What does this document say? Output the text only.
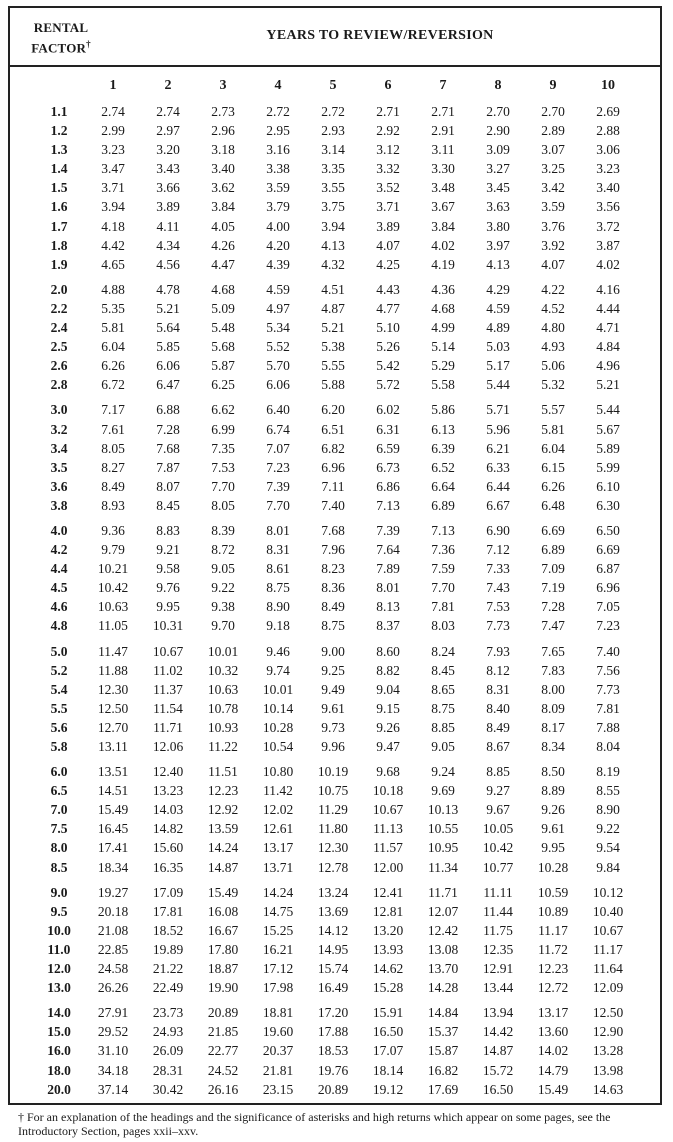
RENTAL
FACTOR†
YEARS TO REVIEW/REVERSION
1	2	3	4	5	6	7	8	9	10
1.1	2.74	2.74	2.73	2.72	2.72	2.71	2.71	2.70	2.70	2.69
1.2	2.99	2.97	2.96	2.95	2.93	2.92	2.91	2.90	2.89	2.88
1.3	3.23	3.20	3.18	3.16	3.14	3.12	3.11	3.09	3.07	3.06
1.4	3.47	3.43	3.40	3.38	3.35	3.32	3.30	3.27	3.25	3.23
1.5	3.71	3.66	3.62	3.59	3.55	3.52	3.48	3.45	3.42	3.40
1.6	3.94	3.89	3.84	3.79	3.75	3.71	3.67	3.63	3.59	3.56
1.7	4.18	4.11	4.05	4.00	3.94	3.89	3.84	3.80	3.76	3.72
1.8	4.42	4.34	4.26	4.20	4.13	4.07	4.02	3.97	3.92	3.87
1.9	4.65	4.56	4.47	4.39	4.32	4.25	4.19	4.13	4.07	4.02
2.0	4.88	4.78	4.68	4.59	4.51	4.43	4.36	4.29	4.22	4.16
2.2	5.35	5.21	5.09	4.97	4.87	4.77	4.68	4.59	4.52	4.44
2.4	5.81	5.64	5.48	5.34	5.21	5.10	4.99	4.89	4.80	4.71
2.5	6.04	5.85	5.68	5.52	5.38	5.26	5.14	5.03	4.93	4.84
2.6	6.26	6.06	5.87	5.70	5.55	5.42	5.29	5.17	5.06	4.96
2.8	6.72	6.47	6.25	6.06	5.88	5.72	5.58	5.44	5.32	5.21
3.0	7.17	6.88	6.62	6.40	6.20	6.02	5.86	5.71	5.57	5.44
3.2	7.61	7.28	6.99	6.74	6.51	6.31	6.13	5.96	5.81	5.67
3.4	8.05	7.68	7.35	7.07	6.82	6.59	6.39	6.21	6.04	5.89
3.5	8.27	7.87	7.53	7.23	6.96	6.73	6.52	6.33	6.15	5.99
3.6	8.49	8.07	7.70	7.39	7.11	6.86	6.64	6.44	6.26	6.10
3.8	8.93	8.45	8.05	7.70	7.40	7.13	6.89	6.67	6.48	6.30
4.0	9.36	8.83	8.39	8.01	7.68	7.39	7.13	6.90	6.69	6.50
4.2	9.79	9.21	8.72	8.31	7.96	7.64	7.36	7.12	6.89	6.69
4.4	10.21	9.58	9.05	8.61	8.23	7.89	7.59	7.33	7.09	6.87
4.5	10.42	9.76	9.22	8.75	8.36	8.01	7.70	7.43	7.19	6.96
4.6	10.63	9.95	9.38	8.90	8.49	8.13	7.81	7.53	7.28	7.05
4.8	11.05	10.31	9.70	9.18	8.75	8.37	8.03	7.73	7.47	7.23
5.0	11.47	10.67	10.01	9.46	9.00	8.60	8.24	7.93	7.65	7.40
5.2	11.88	11.02	10.32	9.74	9.25	8.82	8.45	8.12	7.83	7.56
5.4	12.30	11.37	10.63	10.01	9.49	9.04	8.65	8.31	8.00	7.73
5.5	12.50	11.54	10.78	10.14	9.61	9.15	8.75	8.40	8.09	7.81
5.6	12.70	11.71	10.93	10.28	9.73	9.26	8.85	8.49	8.17	7.88
5.8	13.11	12.06	11.22	10.54	9.96	9.47	9.05	8.67	8.34	8.04
6.0	13.51	12.40	11.51	10.80	10.19	9.68	9.24	8.85	8.50	8.19
6.5	14.51	13.23	12.23	11.42	10.75	10.18	9.69	9.27	8.89	8.55
7.0	15.49	14.03	12.92	12.02	11.29	10.67	10.13	9.67	9.26	8.90
7.5	16.45	14.82	13.59	12.61	11.80	11.13	10.55	10.05	9.61	9.22
8.0	17.41	15.60	14.24	13.17	12.30	11.57	10.95	10.42	9.95	9.54
8.5	18.34	16.35	14.87	13.71	12.78	12.00	11.34	10.77	10.28	9.84
9.0	19.27	17.09	15.49	14.24	13.24	12.41	11.71	11.11	10.59	10.12
9.5	20.18	17.81	16.08	14.75	13.69	12.81	12.07	11.44	10.89	10.40
10.0	21.08	18.52	16.67	15.25	14.12	13.20	12.42	11.75	11.17	10.67
11.0	22.85	19.89	17.80	16.21	14.95	13.93	13.08	12.35	11.72	11.17
12.0	24.58	21.22	18.87	17.12	15.74	14.62	13.70	12.91	12.23	11.64
13.0	26.26	22.49	19.90	17.98	16.49	15.28	14.28	13.44	12.72	12.09
14.0	27.91	23.73	20.89	18.81	17.20	15.91	14.84	13.94	13.17	12.50
15.0	29.52	24.93	21.85	19.60	17.88	16.50	15.37	14.42	13.60	12.90
16.0	31.10	26.09	22.77	20.37	18.53	17.07	15.87	14.87	14.02	13.28
18.0	34.18	28.31	24.52	21.81	19.76	18.14	16.82	15.72	14.79	13.98
20.0	37.14	30.42	26.16	23.15	20.89	19.12	17.69	16.50	15.49	14.63
† For an explanation of the headings and the significance of asterisks and high returns which appear on some pages, see the Introductory Section, pages xxii–xxv.
